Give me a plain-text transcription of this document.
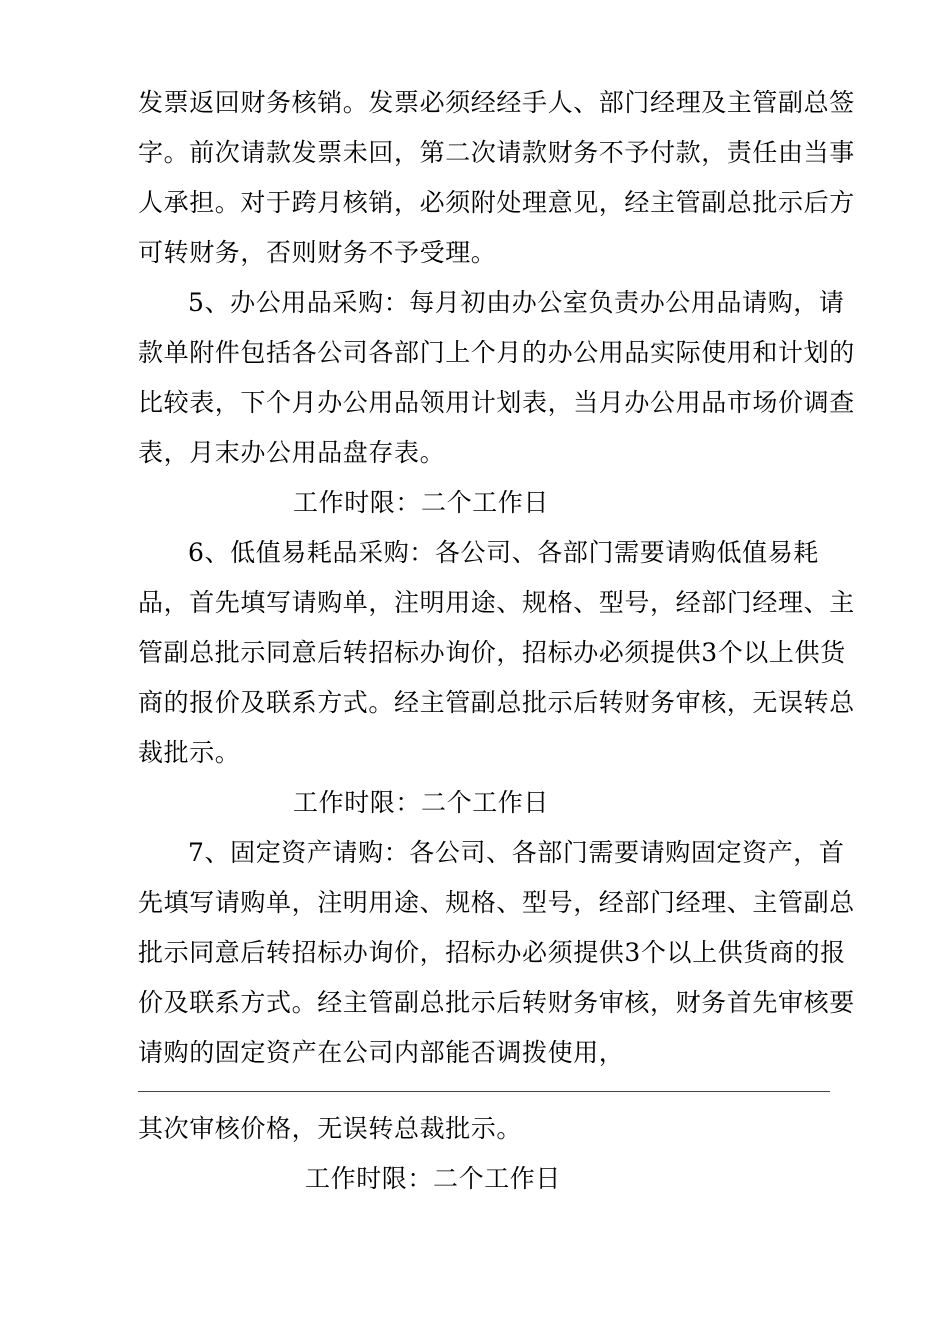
发票返回财务核销。发票必须经经手人、部门经理及主管副总签
字。前次请款发票未回，第二次请款财务不予付款，责任由当事
人承担。对于跨月核销，必须附处理意见，经主管副总批示后方
可转财务，否则财务不予受理。
5、办公用品采购：每月初由办公室负责办公用品请购，请
款单附件包括各公司各部门上个月的办公用品实际使用和计划的
比较表，下个月办公用品领用计划表，当月办公用品市场价调查
表，月末办公用品盘存表。
工作时限：二个工作日
6、低值易耗品采购：各公司、各部门需要请购低值易耗
品，首先填写请购单，注明用途、规格、型号，经部门经理、主
管副总批示同意后转招标办询价，招标办必须提供3个以上供货
商的报价及联系方式。经主管副总批示后转财务审核，无误转总
裁批示。
工作时限：二个工作日
7、固定资产请购：各公司、各部门需要请购固定资产，首
先填写请购单，注明用途、规格、型号，经部门经理、主管副总
批示同意后转招标办询价，招标办必须提供3个以上供货商的报
价及联系方式。经主管副总批示后转财务审核，财务首先审核要
请购的固定资产在公司内部能否调拨使用，
其次审核价格，无误转总裁批示。
工作时限：二个工作日
